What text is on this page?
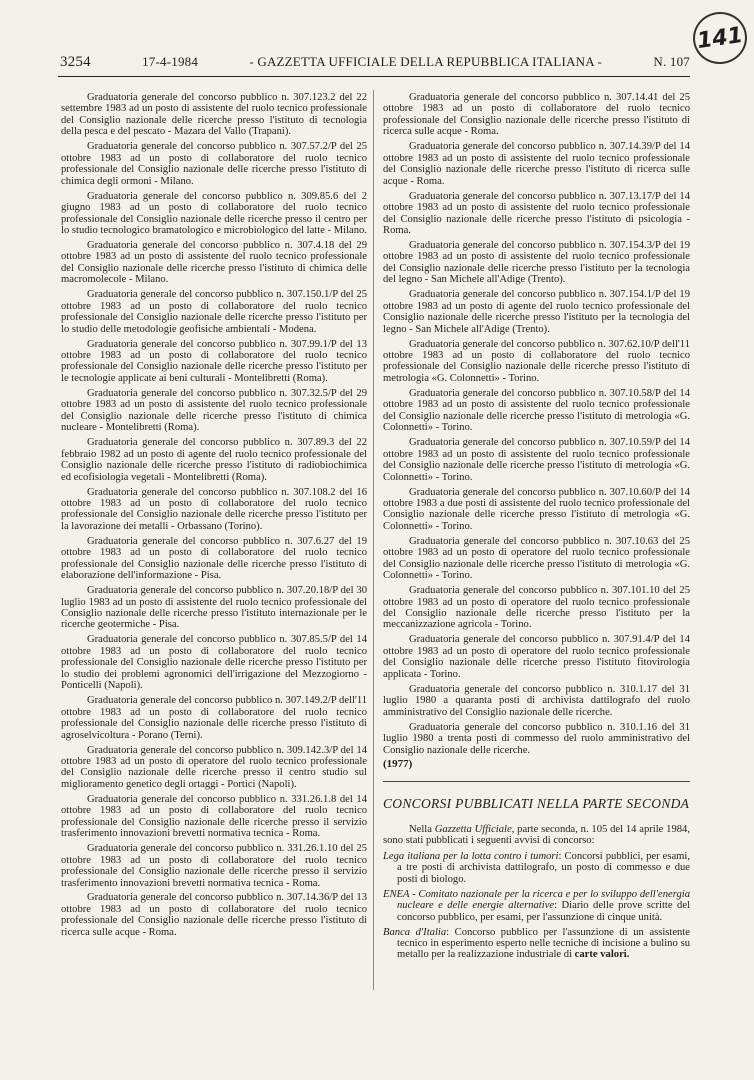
141
3254	17-4-1984	- GAZZETTA UFFICIALE DELLA REPUBBLICA ITALIANA -	N. 107

Graduatoria generale del concorso pubblico n. 307.123.2 del 22 settembre 1983 ad un posto di assistente del ruolo tecnico professionale del Consiglio nazionale delle ricerche presso l'istituto di tecnologia della pesca e del pescato - Mazara del Vallo (Trapani).

Graduatoria generale del concorso pubblico n. 307.57.2/P del 25 ottobre 1983 ad un posto di collaboratore del ruolo tecnico professionale del Consiglio nazionale delle ricerche presso l'istituto di chimica degli ormoni - Milano.

Graduatoria generale del concorso pubblico n. 309.85.6 del 2 giugno 1983 ad un posto di collaboratore del ruolo tecnico professionale del Consiglio nazionale delle ricerche presso il centro per lo studio tecnologico bramatologico e microbiologico del latte - Milano.

Graduatoria generale del concorso pubblico n. 307.4.18 del 29 ottobre 1983 ad un posto di assistente del ruolo tecnico professionale del Consiglio nazionale delle ricerche presso l'istituto di chimica delle macromolecole - Milano.

Graduatoria generale del concorso pubblico n. 307.150.1/P del 25 ottobre 1983 ad un posto di collaboratore del ruolo tecnico professionale del Consiglio nazionale delle ricerche presso l'istituto per lo studio delle metodologie geofisiche ambientali - Modena.

Graduatoria generale del concorso pubblico n. 307.99.1/P del 13 ottobre 1983 ad un posto di collaboratore del ruolo tecnico professionale del Consiglio nazionale delle ricerche presso l'istituto per le tecnologie applicate ai beni culturali - Montelibretti (Roma).

Graduatoria generale del concorso pubblico n. 307.32.5/P del 29 ottobre 1983 ad un posto di assistente del ruolo tecnico professionale del Consiglio nazionale delle ricerche presso l'istituto di chimica nucleare - Montelibretti (Roma).

Graduatoria generale del concorso pubblico n. 307.89.3 del 22 febbraio 1982 ad un posto di agente del ruolo tecnico professionale del Consiglio nazionale delle ricerche presso l'istituto di radiobiochimica ed ecofisiologia vegetali - Montelibretti (Roma).

Graduatoria generale del concorso pubblico n. 307.108.2 del 16 ottobre 1983 ad un posto di collaboratore del ruolo tecnico professionale del Consiglio nazionale delle ricerche presso l'istituto per la lavorazione dei metalli - Orbassano (Torino).

Graduatoria generale del concorso pubblico n. 307.6.27 del 19 ottobre 1983 ad un posto di collaboratore del ruolo tecnico professionale del Consiglio nazionale delle ricerche presso l'istituto di elaborazione dell'informazione - Pisa.

Graduatoria generale del concorso pubblico n. 307.20.18/P del 30 luglio 1983 ad un posto di assistente del ruolo tecnico professionale del Consiglio nazionale delle ricerche presso l'istituto internazionale per le ricerche geotermiche - Pisa.

Graduatoria generale del concorso pubblico n. 307.85.5/P del 14 ottobre 1983 ad un posto di collaboratore del ruolo tecnico professionale del Consiglio nazionale delle ricerche presso l'istituto per lo studio dei problemi agronomici dell'irrigazione del Mezzogiorno - Ponticelli (Napoli).

Graduatoria generale del concorso pubblico n. 307.149.2/P dell'11 ottobre 1983 ad un posto di collaboratore del ruolo tecnico professionale del Consiglio nazionale delle ricerche presso l'istituto di agroselvicoltura - Porano (Terni).

Graduatoria generale del concorso pubblico n. 309.142.3/P del 14 ottobre 1983 ad un posto di operatore del ruolo tecnico professionale del Consiglio nazionale delle ricerche presso il centro studio sul miglioramento genetico degli ortaggi - Portici (Napoli).

Graduatoria generale del concorso pubblico n. 331.26.1.8 del 14 ottobre 1983 ad un posto di collaboratore del ruolo tecnico professionale del Consiglio nazionale delle ricerche presso il servizio trasferimento innovazioni brevetti normativa tecnica - Roma.

Graduatoria generale del concorso pubblico n. 331.26.1.10 del 25 ottobre 1983 ad un posto di collaboratore del ruolo tecnico professionale del Consiglio nazionale delle ricerche presso il servizio trasferimento innovazioni brevetti normativa tecnica - Roma.

Graduatoria generale del concorso pubblico n. 307.14.36/P del 13 ottobre 1983 ad un posto di collaboratore del ruolo tecnico professionale del Consiglio nazionale delle ricerche presso l'istituto di ricerca sulle acque - Roma.

Graduatoria generale del concorso pubblico n. 307.14.41 del 25 ottobre 1983 ad un posto di collaboratore del ruolo tecnico professionale del Consiglio nazionale delle ricerche presso l'istituto di ricerca sulle acque - Roma.

Graduatoria generale del concorso pubblico n. 307.14.39/P del 14 ottobre 1983 ad un posto di assistente del ruolo tecnico professionale del Consiglio nazionale delle ricerche presso l'istituto di ricerca sulle acque - Roma.

Graduatoria generale del concorso pubblico n. 307.13.17/P del 14 ottobre 1983 ad un posto di assistente del ruolo tecnico professionale del Consiglio nazionale delle ricerche presso l'istituto di psicologia - Roma.

Graduatoria generale del concorso pubblico n. 307.154.3/P del 19 ottobre 1983 ad un posto di assistente del ruolo tecnico professionale del Consiglio nazionale delle ricerche presso l'istituto per la tecnologia del legno - San Michele all'Adige (Trento).

Graduatoria generale del concorso pubblico n. 307.154.1/P del 19 ottobre 1983 ad un posto di agente del ruolo tecnico professionale del Consiglio nazionale delle ricerche presso l'istituto per la tecnologia del legno - San Michele all'Adige (Trento).

Graduatoria generale del concorso pubblico n. 307.62.10/P dell'11 ottobre 1983 ad un posto di collaboratore del ruolo tecnico professionale del Consiglio nazionale delle ricerche presso l'istituto di metrologia «G. Colonnetti» - Torino.

Graduatoria generale del concorso pubblico n. 307.10.58/P del 14 ottobre 1983 ad un posto di assistente del ruolo tecnico professionale del Consiglio nazionale delle ricerche presso l'istituto di metrologia «G. Colonnetti» - Torino.

Graduatoria generale del concorso pubblico n. 307.10.59/P del 14 ottobre 1983 ad un posto di assistente del ruolo tecnico professionale del Consiglio nazionale delle ricerche presso l'istituto di metrologia «G. Colonnetti» - Torino.

Graduatoria generale del concorso pubblico n. 307.10.60/P del 14 ottobre 1983 a due posti di assistente del ruolo tecnico professionale del Consiglio nazionale delle ricerche presso l'istituto di metrologia «G. Colonnetti» - Torino.

Graduatoria generale del concorso pubblico n. 307.10.63 del 25 ottobre 1983 ad un posto di operatore del ruolo tecnico professionale del Consiglio nazionale delle ricerche presso l'istituto di metrologia «G. Colonnetti» - Torino.

Graduatoria generale del concorso pubblico n. 307.101.10 del 25 ottobre 1983 ad un posto di operatore del ruolo tecnico professionale del Consiglio nazionale delle ricerche presso l'istituto per la meccanizzazione agricola - Torino.

Graduatoria generale del concorso pubblico n. 307.91.4/P del 14 ottobre 1983 ad un posto di operatore del ruolo tecnico professionale del Consiglio nazionale delle ricerche presso l'istituto fitovirologia applicata - Torino.

Graduatoria generale del concorso pubblico n. 310.1.17 del 31 luglio 1980 a quaranta posti di archivista dattilografo del ruolo amministrativo del Consiglio nazionale delle ricerche.

Graduatoria generale del concorso pubblico n. 310.1.16 del 31 luglio 1980 a trenta posti di commesso del ruolo amministrativo del Consiglio nazionale delle ricerche.

(1977)

CONCORSI PUBBLICATI NELLA PARTE SECONDA

Nella Gazzetta Ufficiale, parte seconda, n. 105 del 14 aprile 1984, sono stati pubblicati i seguenti avvisi di concorso:

Lega italiana per la lotta contro i tumori: Concorsi pubblici, per esami, a tre posti di archivista dattilografo, un posto di commesso e due posti di biologo.

ENEA - Comitato nazionale per la ricerca e per lo sviluppo dell'energia nucleare e delle energie alternative: Diario delle prove scritte del concorso pubblico, per esami, per l'assunzione di cinque unità.

Banca d'Italia: Concorso pubblico per l'assunzione di un assistente tecnico in esperimento esperto nelle tecniche di incisione a bulino su metallo per la realizzazione industriale di carte valori.
